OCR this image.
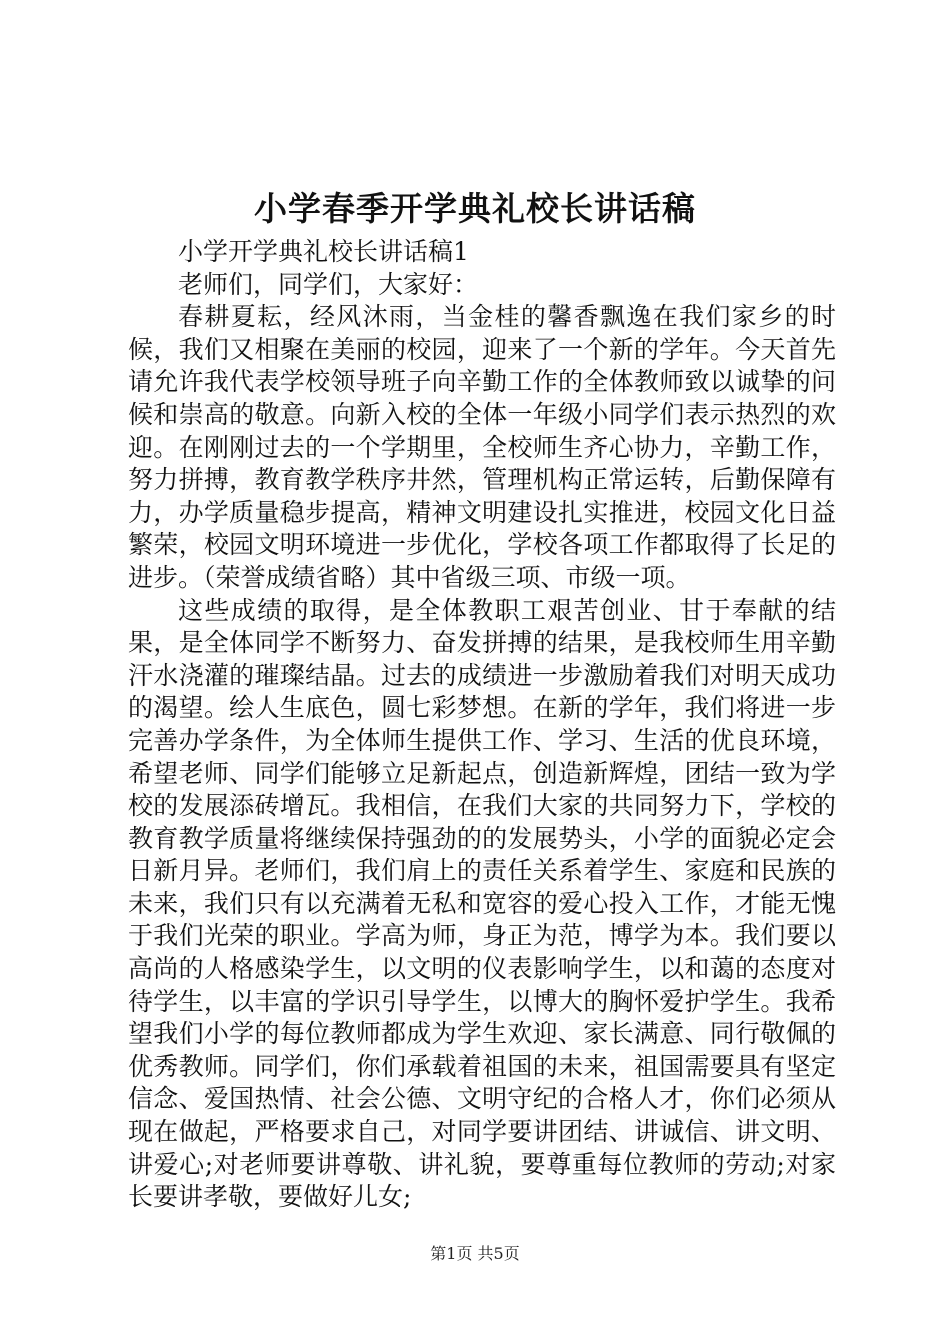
小学春季开学典礼校长讲话稿

小学开学典礼校长讲话稿1

老师们，同学们，大家好：

春耕夏耘，经风沐雨，当金桂的馨香飘逸在我们家乡的时候，我们又相聚在美丽的校园，迎来了一个新的学年。今天首先请允许我代表学校领导班子向辛勤工作的全体教师致以诚挚的问候和崇高的敬意。向新入校的全体一年级小同学们表示热烈的欢迎。在刚刚过去的一个学期里，全校师生齐心协力，辛勤工作，努力拼搏，教育教学秩序井然，管理机构正常运转，后勤保障有力，办学质量稳步提高，精神文明建设扎实推进，校园文化日益繁荣，校园文明环境进一步优化，学校各项工作都取得了长足的进步。（荣誉成绩省略）其中省级三项、市级一项。

这些成绩的取得，是全体教职工艰苦创业、甘于奉献的结果，是全体同学不断努力、奋发拼搏的结果，是我校师生用辛勤汗水浇灌的璀璨结晶。过去的成绩进一步激励着我们对明天成功的渴望。绘人生底色，圆七彩梦想。在新的学年，我们将进一步完善办学条件，为全体师生提供工作、学习、生活的优良环境，希望老师、同学们能够立足新起点，创造新辉煌，团结一致为学校的发展添砖增瓦。我相信，在我们大家的共同努力下，学校的教育教学质量将继续保持强劲的的发展势头，小学的面貌必定会日新月异。老师们，我们肩上的责任关系着学生、家庭和民族的未来，我们只有以充满着无私和宽容的爱心投入工作，才能无愧于我们光荣的职业。学高为师，身正为范，博学为本。我们要以高尚的人格感染学生，以文明的仪表影响学生，以和蔼的态度对待学生，以丰富的学识引导学生，以博大的胸怀爱护学生。我希望我们小学的每位教师都成为学生欢迎、家长满意、同行敬佩的优秀教师。同学们，你们承载着祖国的未来，祖国需要具有坚定信念、爱国热情、社会公德、文明守纪的合格人才，你们必须从现在做起，严格要求自己，对同学要讲团结、讲诚信、讲文明、讲爱心;对老师要讲尊敬、讲礼貌，要尊重每位教师的劳动;对家长要讲孝敬，要做好儿女;

第1页 共5页
